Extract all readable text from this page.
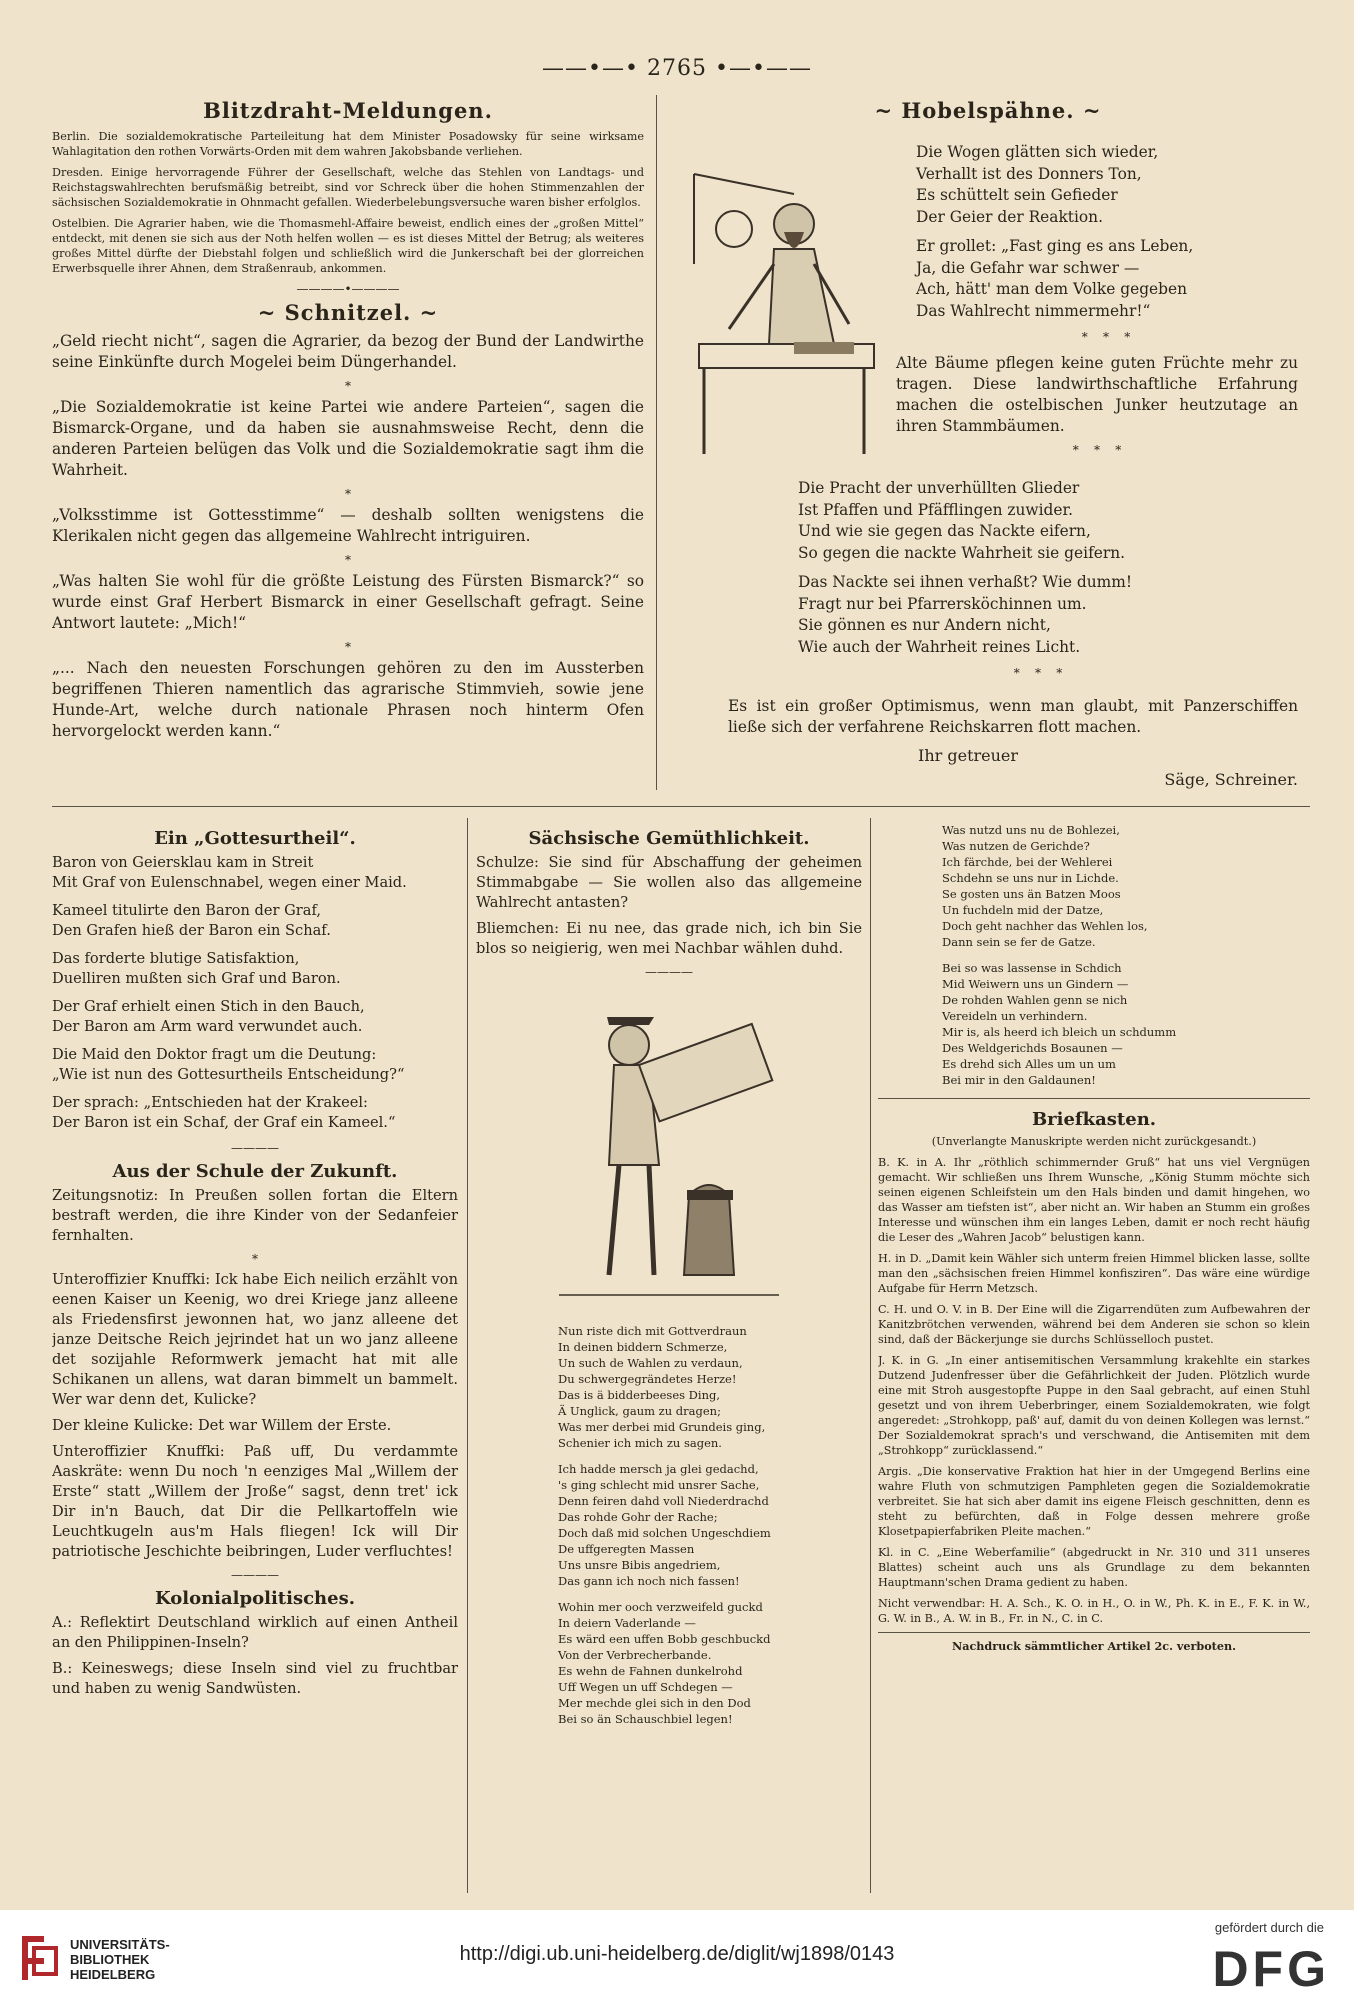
——•—• 2765 •—•——
Blitzdraht-Meldungen.

Berlin. Die sozialdemokratische Parteileitung hat dem Minister Posadowsky für seine wirksame Wahlagitation den rothen Vorwärts-Orden mit dem wahren Jakobsbande verliehen.

Dresden. Einige hervorragende Führer der Gesellschaft, welche das Stehlen von Landtags- und Reichstagswahlrechten berufsmäßig betreibt, sind vor Schreck über die hohen Stimmenzahlen der sächsischen Sozialdemokratie in Ohnmacht gefallen. Wiederbelebungsversuche waren bisher erfolglos.

Ostelbien. Die Agrarier haben, wie die Thomasmehl-Affaire beweist, endlich eines der „großen Mittel“ entdeckt, mit denen sie sich aus der Noth helfen wollen — es ist dieses Mittel der Betrug; als weiteres großes Mittel dürfte der Diebstahl folgen und schließlich wird die Junkerschaft bei der glorreichen Erwerbsquelle ihrer Ahnen, dem Straßenraub, ankommen.

————•————
~ Schnitzel. ~

„Geld riecht nicht“, sagen die Agrarier, da bezog der Bund der Landwirthe seine Einkünfte durch Mogelei beim Düngerhandel.

*

„Die Sozialdemokratie ist keine Partei wie andere Parteien“, sagen die Bismarck-Organe, und da haben sie ausnahmsweise Recht, denn die anderen Parteien belügen das Volk und die Sozialdemokratie sagt ihm die Wahrheit.

*

„Volksstimme ist Gottesstimme“ — deshalb sollten wenigstens die Klerikalen nicht gegen das allgemeine Wahlrecht intriguiren.

*

„Was halten Sie wohl für die größte Leistung des Fürsten Bismarck?“ so wurde einst Graf Herbert Bismarck in einer Gesellschaft gefragt. Seine Antwort lautete: „Mich!“

*

„... Nach den neuesten Forschungen gehören zu den im Aussterben begriffenen Thieren namentlich das agrarische Stimmvieh, sowie jene Hunde-Art, welche durch nationale Phrasen noch hinterm Ofen hervorgelockt werden kann.“

~ Hobelspähne. ~
Die Wogen glätten sich wieder,
Verhallt ist des Donners Ton,
Es schüttelt sein Gefieder
Der Geier der Reaktion.
Er grollet: „Fast ging es ans Leben,
Ja, die Gefahr war schwer —
Ach, hätt' man dem Volke gegeben
Das Wahlrecht nimmermehr!“
*    *    *

Alte Bäume pflegen keine guten Früchte mehr zu tragen. Diese landwirthschaftliche Erfahrung machen die ostelbischen Junker heutzutage an ihren Stammbäumen.

*    *    *
Die Pracht der unverhüllten Glieder
Ist Pfaffen und Pfäfflingen zuwider.
Und wie sie gegen das Nackte eifern,
So gegen die nackte Wahrheit sie geifern.
Das Nackte sei ihnen verhaßt? Wie dumm!
Fragt nur bei Pfarrersköchinnen um.
Sie gönnen es nur Andern nicht,
Wie auch der Wahrheit reines Licht.
*    *    *

Es ist ein großer Optimismus, wenn man glaubt, mit Panzerschiffen ließe sich der verfahrene Reichskarren flott machen.

Ihr getreuer
Säge, Schreiner.
Ein „Gottesurtheil“.
Baron von Geiersklau kam in Streit
Mit Graf von Eulenschnabel, wegen einer Maid.
Kameel titulirte den Baron der Graf,
Den Grafen hieß der Baron ein Schaf.
Das forderte blutige Satisfaktion,
Duelliren mußten sich Graf und Baron.
Der Graf erhielt einen Stich in den Bauch,
Der Baron am Arm ward verwundet auch.
Die Maid den Doktor fragt um die Deutung:
„Wie ist nun des Gottesurtheils Entscheidung?“
Der sprach: „Entschieden hat der Krakeel:
Der Baron ist ein Schaf, der Graf ein Kameel.“
————
Aus der Schule der Zukunft.

Zeitungsnotiz: In Preußen sollen fortan die Eltern bestraft werden, die ihre Kinder von der Sedanfeier fernhalten.

*

Unteroffizier Knuffki: Ick habe Eich neilich erzählt von eenen Kaiser un Keenig, wo drei Kriege janz alleene als Friedensfirst jewonnen hat, wo janz alleene det janze Deitsche Reich jejrindet hat un wo janz alleene det sozijahle Reformwerk jemacht hat mit alle Schikanen un allens, wat daran bimmelt un bammelt. Wer war denn det, Kulicke?

Der kleine Kulicke: Det war Willem der Erste.

Unteroffizier Knuffki: Paß uff, Du verdammte Aaskräte: wenn Du noch 'n eenziges Mal „Willem der Erste“ statt „Willem der Jroße“ sagst, denn tret' ick Dir in'n Bauch, dat Dir die Pellkartoffeln wie Leuchtkugeln aus'm Hals fliegen! Ick will Dir patriotische Jeschichte beibringen, Luder verfluchtes!

————
Kolonialpolitisches.

A.: Reflektirt Deutschland wirklich auf einen Antheil an den Philippinen-Inseln?

B.: Keineswegs; diese Inseln sind viel zu fruchtbar und haben zu wenig Sandwüsten.

Sächsische Gemüthlichkeit.

Schulze: Sie sind für Abschaffung der geheimen Stimmabgabe — Sie wollen also das allgemeine Wahlrecht antasten?

Bliemchen: Ei nu nee, das grade nich, ich bin Sie blos so neigierig, wen mei Nachbar wählen duhd.

————
Nun riste dich mit Gottverdraun
In deinen biddern Schmerze,
Un such de Wahlen zu verdaun,
Du schwergegrändetes Herze!
Das is ä bidderbeeses Ding,
Ä Unglick, gaum zu dragen;
Was mer derbei mid Grundeis ging,
Schenier ich mich zu sagen.
Ich hadde mersch ja glei gedachd,
's ging schlecht mid unsrer Sache,
Denn feiren dahd voll Niederdrachd
Das rohde Gohr der Rache;
Doch daß mid solchen Ungeschdiem
De uffgeregten Massen
Uns unsre Bibis angedriem,
Das gann ich noch nich fassen!
Wohin mer ooch verzweifeld guckd
In deiern Vaderlande —
Es wärd een uffen Bobb geschbuckd
Von der Verbrecherbande.
Es wehn de Fahnen dunkelrohd
Uff Wegen un uff Schdegen —
Mer mechde glei sich in den Dod
Bei so än Schauschbiel legen!
Was nutzd uns nu de Bohlezei,
Was nutzen de Gerichde?
Ich färchde, bei der Wehlerei
Schdehn se uns nur in Lichde.
Se gosten uns än Batzen Moos
Un fuchdeln mid der Datze,
Doch geht nachher das Wehlen los,
Dann sein se fer de Gatze.
Bei so was lassense in Schdich
Mid Weiwern uns un Gindern —
De rohden Wahlen genn se nich
Vereideln un verhindern.
Mir is, als heerd ich bleich un schdumm
Des Weldgerichds Bosaunen —
Es drehd sich Alles um un um
Bei mir in den Galdaunen!
Briefkasten.

(Unverlangte Manuskripte werden nicht zurückgesandt.)

B. K. in A. Ihr „röthlich schimmernder Gruß“ hat uns viel Vergnügen gemacht. Wir schließen uns Ihrem Wunsche, „König Stumm möchte sich seinen eigenen Schleifstein um den Hals binden und damit hingehen, wo das Wasser am tiefsten ist“, aber nicht an. Wir haben an Stumm ein großes Interesse und wünschen ihm ein langes Leben, damit er noch recht häufig die Leser des „Wahren Jacob“ belustigen kann.

H. in D. „Damit kein Wähler sich unterm freien Himmel blicken lasse, sollte man den „sächsischen freien Himmel konfisziren“. Das wäre eine würdige Aufgabe für Herrn Metzsch.

C. H. und O. V. in B. Der Eine will die Zigarrendüten zum Aufbewahren der Kanitzbrötchen verwenden, während bei dem Anderen sie schon so klein sind, daß der Bäckerjunge sie durchs Schlüsselloch pustet.

J. K. in G. „In einer antisemitischen Versammlung krakehlte ein starkes Dutzend Judenfresser über die Gefährlichkeit der Juden. Plötzlich wurde eine mit Stroh ausgestopfte Puppe in den Saal gebracht, auf einen Stuhl gesetzt und von ihrem Ueberbringer, einem Sozialdemokraten, wie folgt angeredet: „Strohkopp, paß' auf, damit du von deinen Kollegen was lernst.“ Der Sozialdemokrat sprach's und verschwand, die Antisemiten mit dem „Strohkopp“ zurücklassend.“

Argis. „Die konservative Fraktion hat hier in der Umgegend Berlins eine wahre Fluth von schmutzigen Pamphleten gegen die Sozialdemokratie verbreitet. Sie hat sich aber damit ins eigene Fleisch geschnitten, denn es steht zu befürchten, daß in Folge dessen mehrere große Klosetpapierfabriken Pleite machen.“

Kl. in C. „Eine Weberfamilie“ (abgedruckt in Nr. 310 und 311 unseres Blattes) scheint auch uns als Grundlage zu dem bekannten Hauptmann'schen Drama gedient zu haben.

Nicht verwendbar: H. A. Sch., K. O. in H., O. in W., Ph. K. in E., F. K. in W., G. W. in B., A. W. in B., Fr. in N., C. in C.

Nachdruck sämmtlicher Artikel 2c. verboten.

UNIVERSITÄTS-
BIBLIOTHEK
HEIDELBERG
http://digi.ub.uni-heidelberg.de/diglit/wj1898/0143
gefördert durch die
DFG
